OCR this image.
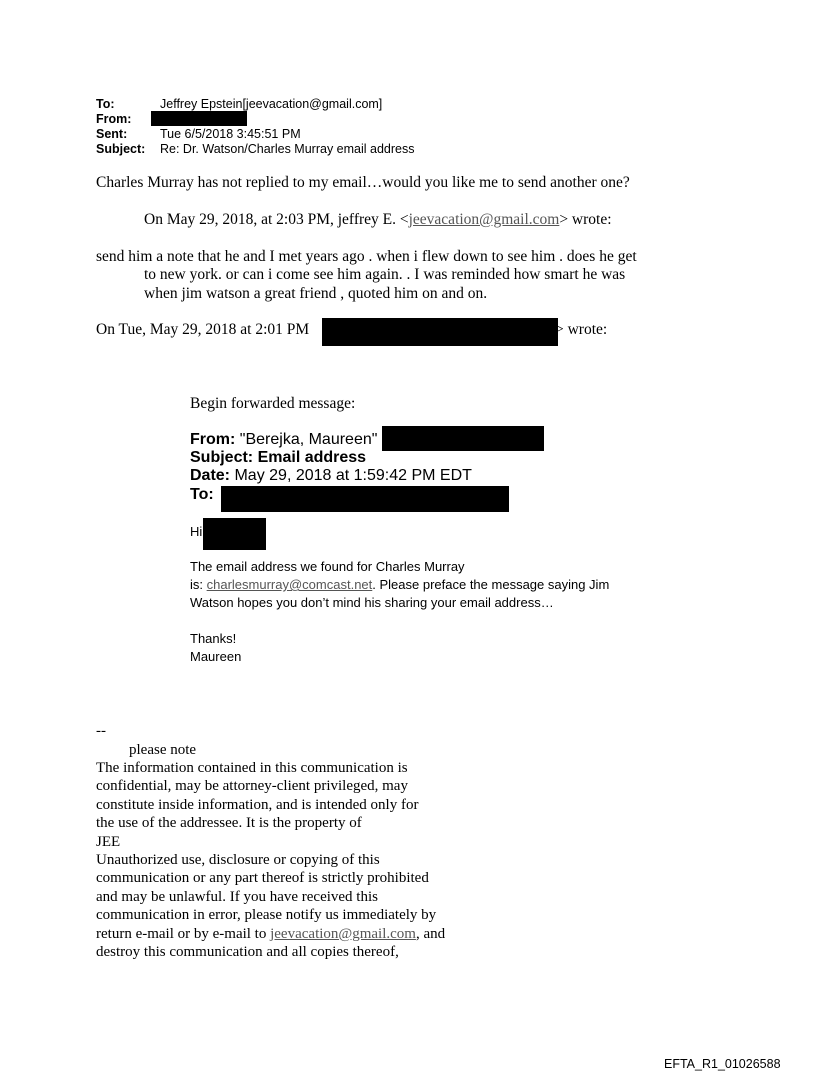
To:	Jeffrey Epstein[jeevacation@gmail.com]
From:
Sent:	Tue 6/5/2018 3:45:51 PM
Subject: Re: Dr. Watson/Charles Murray email address
Charles Murray has not replied to my email…would you like me to send another one?
On May 29, 2018, at 2:03 PM, jeffrey E. <jeevacation@gmail.com> wrote:
send him a note that he and I met years ago . when i flew down to see him . does he get
to new york. or can i come see him again. . I was reminded how smart he was
when jim watson a great friend , quoted him on and on.
On Tue, May 29, 2018 at 2:01 PM	> wrote:
Begin forwarded message:
From: "Berejka, Maureen"
Subject: Email address
Date: May 29, 2018 at 1:59:42 PM EDT
To:
Hi
The email address we found for Charles Murray
is: charlesmurray@comcast.net. Please preface the message saying Jim
Watson hopes you don’t mind his sharing your email address…
Thanks!
Maureen
--
please note
The information contained in this communication is
confidential, may be attorney-client privileged, may
constitute inside information, and is intended only for
the use of the addressee. It is the property of
JEE
Unauthorized use, disclosure or copying of this
communication or any part thereof is strictly prohibited
and may be unlawful. If you have received this
communication in error, please notify us immediately by
return e-mail or by e-mail to jeevacation@gmail.com, and
destroy this communication and all copies thereof,
EFTA_R1_01026588
